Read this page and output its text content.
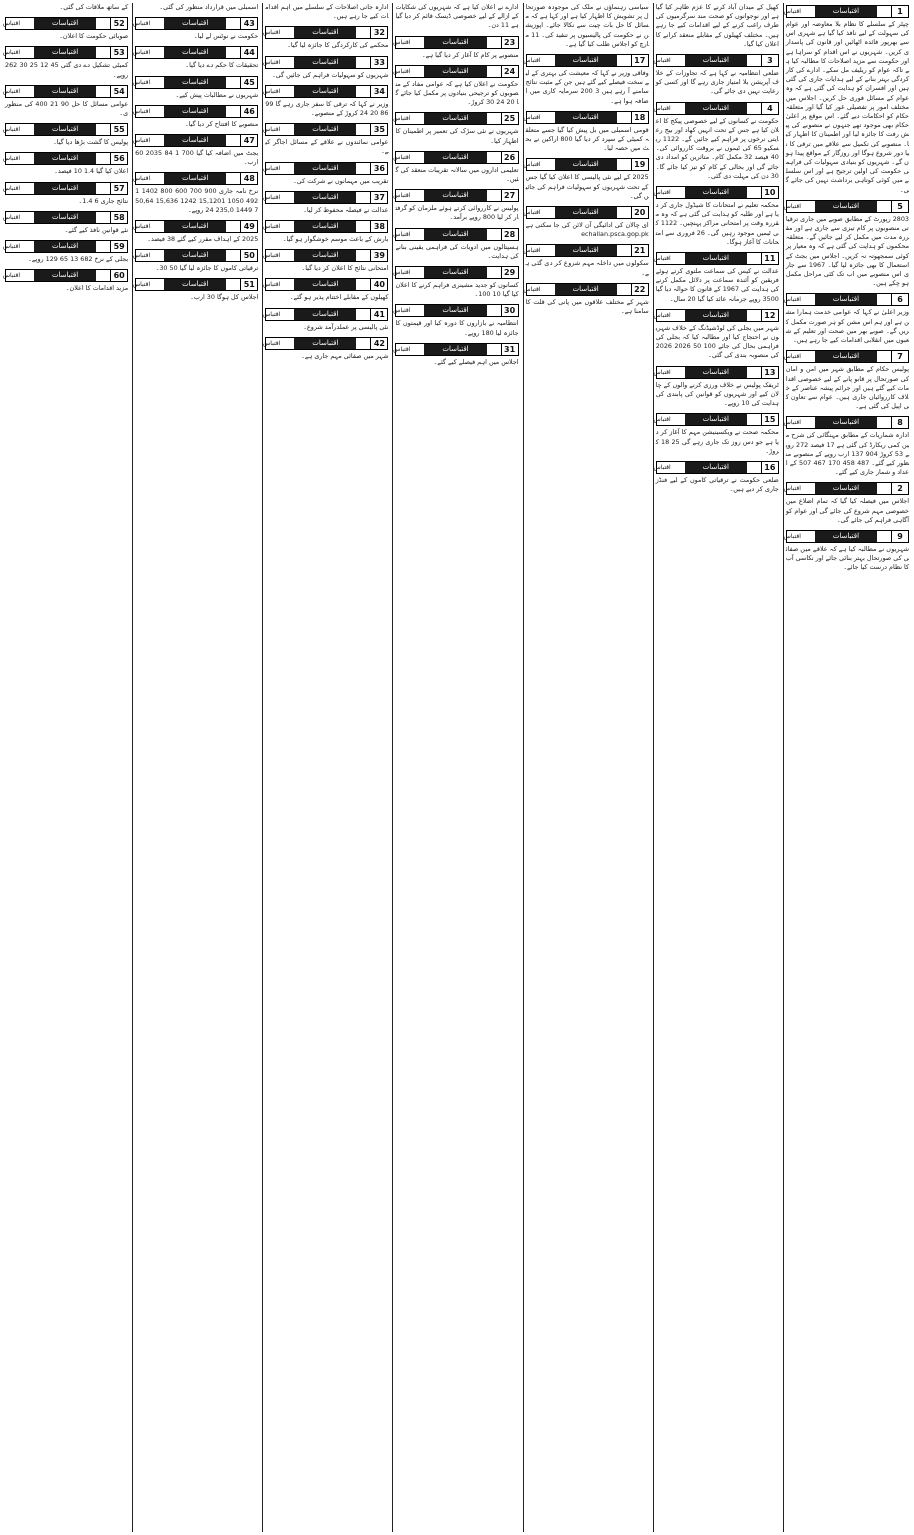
1
اقتباسات
اقتباس
چپٹر کے سلسلے کا نظام بلا معاوضہ اور عوام کی سہولت کے لیے نافذ کیا گیا ہے شہری اس سے بھرپور فائدہ اٹھائیں اور قانون کی پاسداری کریں۔ شہریوں نے اس اقدام کو سراہا ہے اور حکومت سے مزید اصلاحات کا مطالبہ کیا ہے تاکہ عوام کو ریلیف مل سکے۔ ادارے کی کارکردگی بہتر بنانے کے لیے ہدایات جاری کی گئی ہیں اور افسران کو ہدایت کی گئی ہے کہ وہ عوام کے مسائل فوری حل کریں۔ اجلاس میں مختلف امور پر تفصیلی غور کیا گیا اور متعلقہ حکام کو احکامات دیے گئے۔ اس موقع پر اعلیٰ حکام بھی موجود تھے جنہوں نے منصوبے کی پیش رفت کا جائزہ لیا اور اطمینان کا اظہار کیا۔ منصوبے کی تکمیل سے علاقے میں ترقی کا نیا دور شروع ہوگا اور روزگار کے مواقع پیدا ہوں گے۔ شہریوں کو بنیادی سہولیات کی فراہمی حکومت کی اولین ترجیح ہے اور اس سلسلے میں کوئی کوتاہی برداشت نہیں کی جائے گی۔
5
اقتباسات
اقتباس
2803 رپورٹ کے مطابق صوبے میں جاری ترقیاتی منصوبوں پر کام تیزی سے جاری ہے اور مقررہ مدت میں مکمل کر لیے جائیں گے۔ متعلقہ محکموں کو ہدایت کی گئی ہے کہ وہ معیار پر کوئی سمجھوتہ نہ کریں۔ اجلاس میں بجٹ کے استعمال کا بھی جائزہ لیا گیا۔ 1967 سے جاری اس منصوبے میں اب تک کئی مراحل مکمل ہو چکے ہیں۔
6
اقتباسات
اقتباس
وزیر اعلیٰ نے کہا کہ عوامی خدمت ہمارا مشن ہے اور ہم اس مشن کو ہر صورت مکمل کریں گے۔ صوبے بھر میں صحت اور تعلیم کے شعبوں میں انقلابی اقدامات کیے جا رہے ہیں۔
7
اقتباسات
اقتباس
پولیس حکام کے مطابق شہر میں امن و امان کی صورتحال پر قابو پانے کے لیے خصوصی اقدامات کیے گئے ہیں اور جرائم پیشہ عناصر کے خلاف کارروائیاں جاری ہیں۔ عوام سے تعاون کی اپیل کی گئی ہے۔
8
اقتباسات
اقتباس
ادارہ شماریات کے مطابق مہنگائی کی شرح میں کمی ریکارڈ کی گئی ہے 17 فیصد 272 روپے 53 کروڑ 904 137 ارب روپے کے منصوبے منظور کیے گئے۔ 487 458 170 467 507 کے اعداد و شمار جاری کیے گئے۔
2
اقتباسات
اقتباس
اجلاس میں فیصلہ کیا گیا کہ تمام اضلاع میں خصوصی مہم شروع کی جائے گی اور عوام کو آگاہی فراہم کی جائے گی۔
9
اقتباسات
اقتباس
شہریوں نے مطالبہ کیا ہے کہ علاقے میں صفائی کی صورتحال بہتر بنائی جائے اور نکاسی آب کا نظام درست کیا جائے۔
کھیل کے میدان آباد کرنے کا عزم ظاہر کیا گیا ہے اور نوجوانوں کو صحت مند سرگرمیوں کی طرف راغب کرنے کے لیے اقدامات کیے جا رہے ہیں۔ مختلف کھیلوں کے مقابلے منعقد کرانے کا اعلان کیا گیا۔
3
اقتباسات
اقتباس
ضلعی انتظامیہ نے کہا ہے کہ تجاوزات کے خلاف آپریشن بلا امتیاز جاری رہے گا اور کسی کو رعایت نہیں دی جائے گی۔
4
اقتباسات
اقتباس
حکومت نے کسانوں کے لیے خصوصی پیکج کا اعلان کیا ہے جس کے تحت انہیں کھاد اور بیج رعایتی نرخوں پر فراہم کیے جائیں گے۔ 1122 ریسکیو 65 کی ٹیموں نے بروقت کارروائی کی۔ 40 فیصد 32 مکمل کام۔ متاثرین کو امداد دی جائے گی اور بحالی کے کام کو تیز کیا جائے گا۔ 30 دن کی مہلت دی گئی۔
10
اقتباسات
اقتباس
محکمہ تعلیم نے امتحانات کا شیڈول جاری کر دیا ہے اور طلبہ کو ہدایت کی گئی ہے کہ وہ مقررہ وقت پر امتحانی مراکز پہنچیں۔ 1122 کی ٹیمیں موجود رہیں گی۔ 26 فروری سے امتحانات کا آغاز ہوگا۔
11
اقتباسات
اقتباس
عدالت نے کیس کی سماعت ملتوی کرتے ہوئے فریقین کو آئندہ سماعت پر دلائل مکمل کرنے کی ہدایت کی 1967 کے قانون کا حوالہ دیا گیا 3500 روپے جرمانہ عائد کیا گیا 20 سال۔
12
اقتباسات
اقتباس
شہر میں بجلی کی لوڈشیڈنگ کے خلاف شہریوں نے احتجاج کیا اور مطالبہ کیا کہ بجلی کی فراہمی بحال کی جائے 100 50 2026 2026 کی منصوبہ بندی کی گئی۔
13
اقتباسات
اقتباس
ٹریفک پولیس نے خلاف ورزی کرنے والوں کے چالان کیے اور شہریوں کو قوانین کی پابندی کی ہدایت کی 10 روپے۔
15
اقتباسات
اقتباس
محکمہ صحت نے ویکسینیشن مہم کا آغاز کر دیا ہے جو دس روز تک جاری رہے گی 25 18 کروڑ۔
16
اقتباسات
اقتباس
ضلعی حکومت نے ترقیاتی کاموں کے لیے فنڈز جاری کر دیے ہیں۔
سیاسی رہنماؤں نے ملک کی موجودہ صورتحال پر تشویش کا اظہار کیا ہے اور کہا ہے کہ مسائل کا حل بات چیت سے نکالا جائے۔ اپوزیشن نے حکومت کی پالیسیوں پر تنقید کی۔ 11 مارچ کو اجلاس طلب کیا گیا ہے۔
17
اقتباسات
اقتباس
وفاقی وزیر نے کہا کہ معیشت کی بہتری کے لیے سخت فیصلے کیے گئے ہیں جن کے مثبت نتائج سامنے آ رہے ہیں 3 200 سرمایہ کاری میں اضافہ ہوا ہے۔
18
اقتباسات
اقتباس
قومی اسمبلی میں بل پیش کیا گیا جسے متعلقہ کمیٹی کے سپرد کر دیا گیا 800 اراکین نے بحث میں حصہ لیا۔
19
اقتباسات
اقتباس
2025 کے لیے نئی پالیسی کا اعلان کیا گیا جس کے تحت شہریوں کو سہولیات فراہم کی جائیں گی۔
20
اقتباسات
اقتباس
ای چالان کی ادائیگی آن لائن کی جا سکتی ہے echallan.psca.gop.pk
21
اقتباسات
اقتباس
سکولوں میں داخلہ مہم شروع کر دی گئی ہے۔
22
اقتباسات
اقتباس
شہر کے مختلف علاقوں میں پانی کی قلت کا سامنا ہے۔
ادارے نے اعلان کیا ہے کہ شہریوں کی شکایات کے ازالے کے لیے خصوصی ڈیسک قائم کر دیا گیا ہے 11 دن۔
23
اقتباسات
اقتباس
منصوبے پر کام کا آغاز کر دیا گیا ہے۔
24
اقتباسات
اقتباس
حکومت نے اعلان کیا ہے کہ عوامی مفاد کے منصوبوں کو ترجیحی بنیادوں پر مکمل کیا جائے گا 20 24 30 کروڑ۔
25
اقتباسات
اقتباس
شہریوں نے نئی سڑک کی تعمیر پر اطمینان کا اظہار کیا۔
26
اقتباسات
اقتباس
تعلیمی اداروں میں سالانہ تقریبات منعقد کی گئیں۔
27
اقتباسات
اقتباس
پولیس نے کارروائی کرتے ہوئے ملزمان کو گرفتار کر لیا 800 روپے برآمد۔
28
اقتباسات
اقتباس
ہسپتالوں میں ادویات کی فراہمی یقینی بنانے کی ہدایت۔
29
اقتباسات
اقتباس
کسانوں کو جدید مشینری فراہم کرنے کا اعلان کیا گیا 10 100۔
30
اقتباسات
اقتباس
انتظامیہ نے بازاروں کا دورہ کیا اور قیمتوں کا جائزہ لیا 180 روپے۔
31
اقتباسات
اقتباس
اجلاس میں اہم فیصلے کیے گئے۔
ادارہ جاتی اصلاحات کے سلسلے میں اہم اقدامات کیے جا رہے ہیں۔
32
اقتباسات
اقتباس
محکمے کی کارکردگی کا جائزہ لیا گیا۔
33
اقتباسات
اقتباس
شہریوں کو سہولیات فراہم کی جائیں گی۔
34
اقتباسات
اقتباس
وزیر نے کہا کہ ترقی کا سفر جاری رہے گا 99 86 20 24 کروڑ کے منصوبے۔
35
اقتباسات
اقتباس
عوامی نمائندوں نے علاقے کے مسائل اجاگر کیے۔
36
اقتباسات
اقتباس
تقریب میں مہمانوں نے شرکت کی۔
37
اقتباسات
اقتباس
عدالت نے فیصلہ محفوظ کر لیا۔
38
اقتباسات
اقتباس
بارش کے باعث موسم خوشگوار ہو گیا۔
39
اقتباسات
اقتباس
امتحانی نتائج کا اعلان کر دیا گیا۔
40
اقتباسات
اقتباس
کھیلوں کے مقابلے اختتام پذیر ہو گئے۔
41
اقتباسات
اقتباس
نئی پالیسی پر عملدرآمد شروع۔
42
اقتباسات
اقتباس
شہر میں صفائی مہم جاری ہے۔
اسمبلی میں قرارداد منظور کی گئی۔
43
اقتباسات
اقتباس
حکومت نے نوٹس لے لیا۔
44
اقتباسات
اقتباس
تحقیقات کا حکم دے دیا گیا۔
45
اقتباسات
اقتباس
شہریوں نے مطالبات پیش کیے۔
46
اقتباسات
اقتباس
منصوبے کا افتتاح کر دیا گیا۔
47
اقتباسات
اقتباس
بجٹ میں اضافہ کیا گیا 700 1 84 2035 60 ارب۔
48
اقتباسات
اقتباس
نرخ نامہ جاری 900 700 600 800 1402 1492 1050 15,1201 1242 15,636 50,647 1449 235,0 24 روپے۔
49
اقتباسات
اقتباس
2025 کے اہداف مقرر کیے گئے 38 فیصد۔
50
اقتباسات
اقتباس
ترقیاتی کاموں کا جائزہ لیا گیا 50 30۔
51
اقتباسات
اقتباس
اجلاس کل ہوگا 30 ارب۔
کے ساتھ ملاقات کی گئی۔
52
اقتباسات
اقتباس
صوبائی حکومت کا اعلان۔
53
اقتباسات
اقتباس
کمیٹی تشکیل دے دی گئی 45 12 25 30 262 روپے۔
54
اقتباسات
اقتباس
عوامی مسائل کا حل 90 21 400 کی منظوری۔
55
اقتباسات
اقتباس
پولیس کا گشت بڑھا دیا گیا۔
56
اقتباسات
اقتباس
اعلان کیا گیا 1.4 10 فیصد۔
57
اقتباسات
اقتباس
نتائج جاری 6 1.4۔
58
اقتباسات
اقتباس
نئے قوانین نافذ کیے گئے۔
59
اقتباسات
اقتباس
بجلی کے نرخ 682 13 65 129 روپے۔
60
اقتباسات
اقتباس
مزید اقدامات کا اعلان۔
